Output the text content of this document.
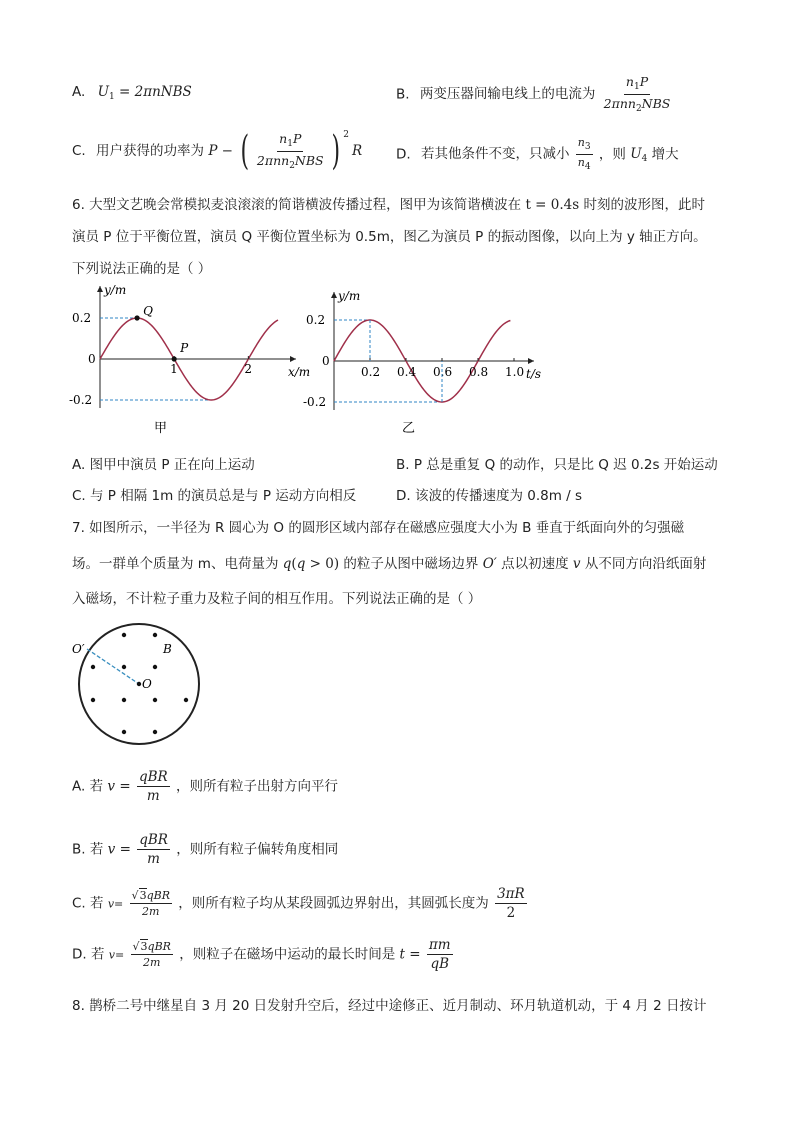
A. $U_1$ = 2πnNBS	B. 两变压器间输电线上的电流为 $\frac{n_1P}{2\pi nn_2NBS}$
C. 用户获得的功率为 P − ( $\frac{n_1P}{2\pi nn_2NBS}$ ) $^2$R	D. 若其他条件不变，只减小 $\frac{n_3}{n_4}$ ，则 $U_4$ 增大
6. 大型文艺晚会常模拟麦浪滚滚的简谐横波传播过程，图甲为该简谐横波在 t = 0.4s 时刻的波形图，此时
演员 P 位于平衡位置，演员 Q 平衡位置坐标为 0.5m，图乙为演员 P 的振动图像，以向上为 y 轴正方向。
下列说法正确的是（ ）
y/m
x/m
0.2
0
-0.2
1	2
Q
P
甲
y/m
t/s
0.2
0
-0.2
0.2 0.4 0.6 0.8 1.0
乙
A. 图甲中演员 P 正在向上运动	B. P 总是重复 Q 的动作，只是比 Q 迟 0.2s 开始运动
C. 与 P 相隔 1m 的演员总是与 P 运动方向相反	D. 该波的传播速度为 0.8m / s
7. 如图所示，一半径为 R 圆心为 O 的圆形区域内部存在磁感应强度大小为 B 垂直于纸面向外的匀强磁
场。一群单个质量为 m、电荷量为 q(q > 0) 的粒子从图中磁场边界 O′ 点以初速度 v 从不同方向沿纸面射
入磁场，不计粒子重力及粒子间的相互作用。下列说法正确的是（ ）
O′
O
B
A. 若 $v = \frac{\text{qBR}}{m}$ ，则所有粒子出射方向平行
B. 若 $v = \frac{\text{qBR}}{m}$ ，则所有粒子偏转角度相同
C. 若 $v= \frac{\text{√3qBR}}{2m}$ ，则所有粒子均从某段圆弧边界射出，其圆弧长度为 $\frac{3\pi R}{2}$
D. 若 $v= \frac{\text{√3qBR}}{2m}$ ，则粒子在磁场中运动的最长时间是 $t = \frac{\pi m}{qB}$
8. 鹊桥二号中继星自 3 月 20 日发射升空后，经过中途修正、近月制动、环月轨道机动，于 4 月 2 日按计
